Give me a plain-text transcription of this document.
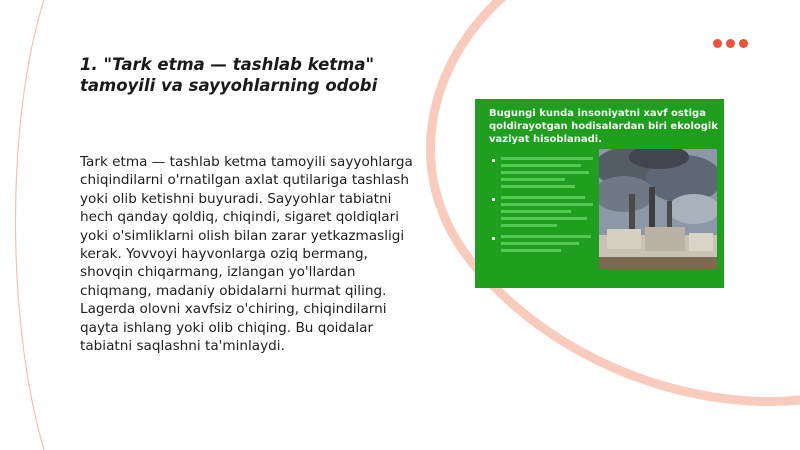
1. "Tark etma — tashlab ketma" tamoyili va sayyohlarning odobi

Tark etma — tashlab ketma tamoyili sayyohlarga chiqindilarni o'rnatilgan axlat qutilariga tashlash yoki olib ketishni buyuradi. Sayyohlar tabiatni hech qanday qoldiq, chiqindi, sigaret qoldiqlari yoki o'simliklarni olish bilan zarar yetkazmasligi kerak. Yovvoyi hayvonlarga oziq bermang, shovqin chiqarmang, izlangan yo'llardan chiqmang, madaniy obidalarni hurmat qiling. Lagerda olovni xavfsiz o'chiring, chiqindilarni qayta ishlang yoki olib chiqing. Bu qoidalar tabiatni saqlashni ta'minlaydi.

Bugungi kunda insoniyatni xavf ostiga qoldirayotgan hodisalardan biri ekologik vaziyat hisoblanadi.
